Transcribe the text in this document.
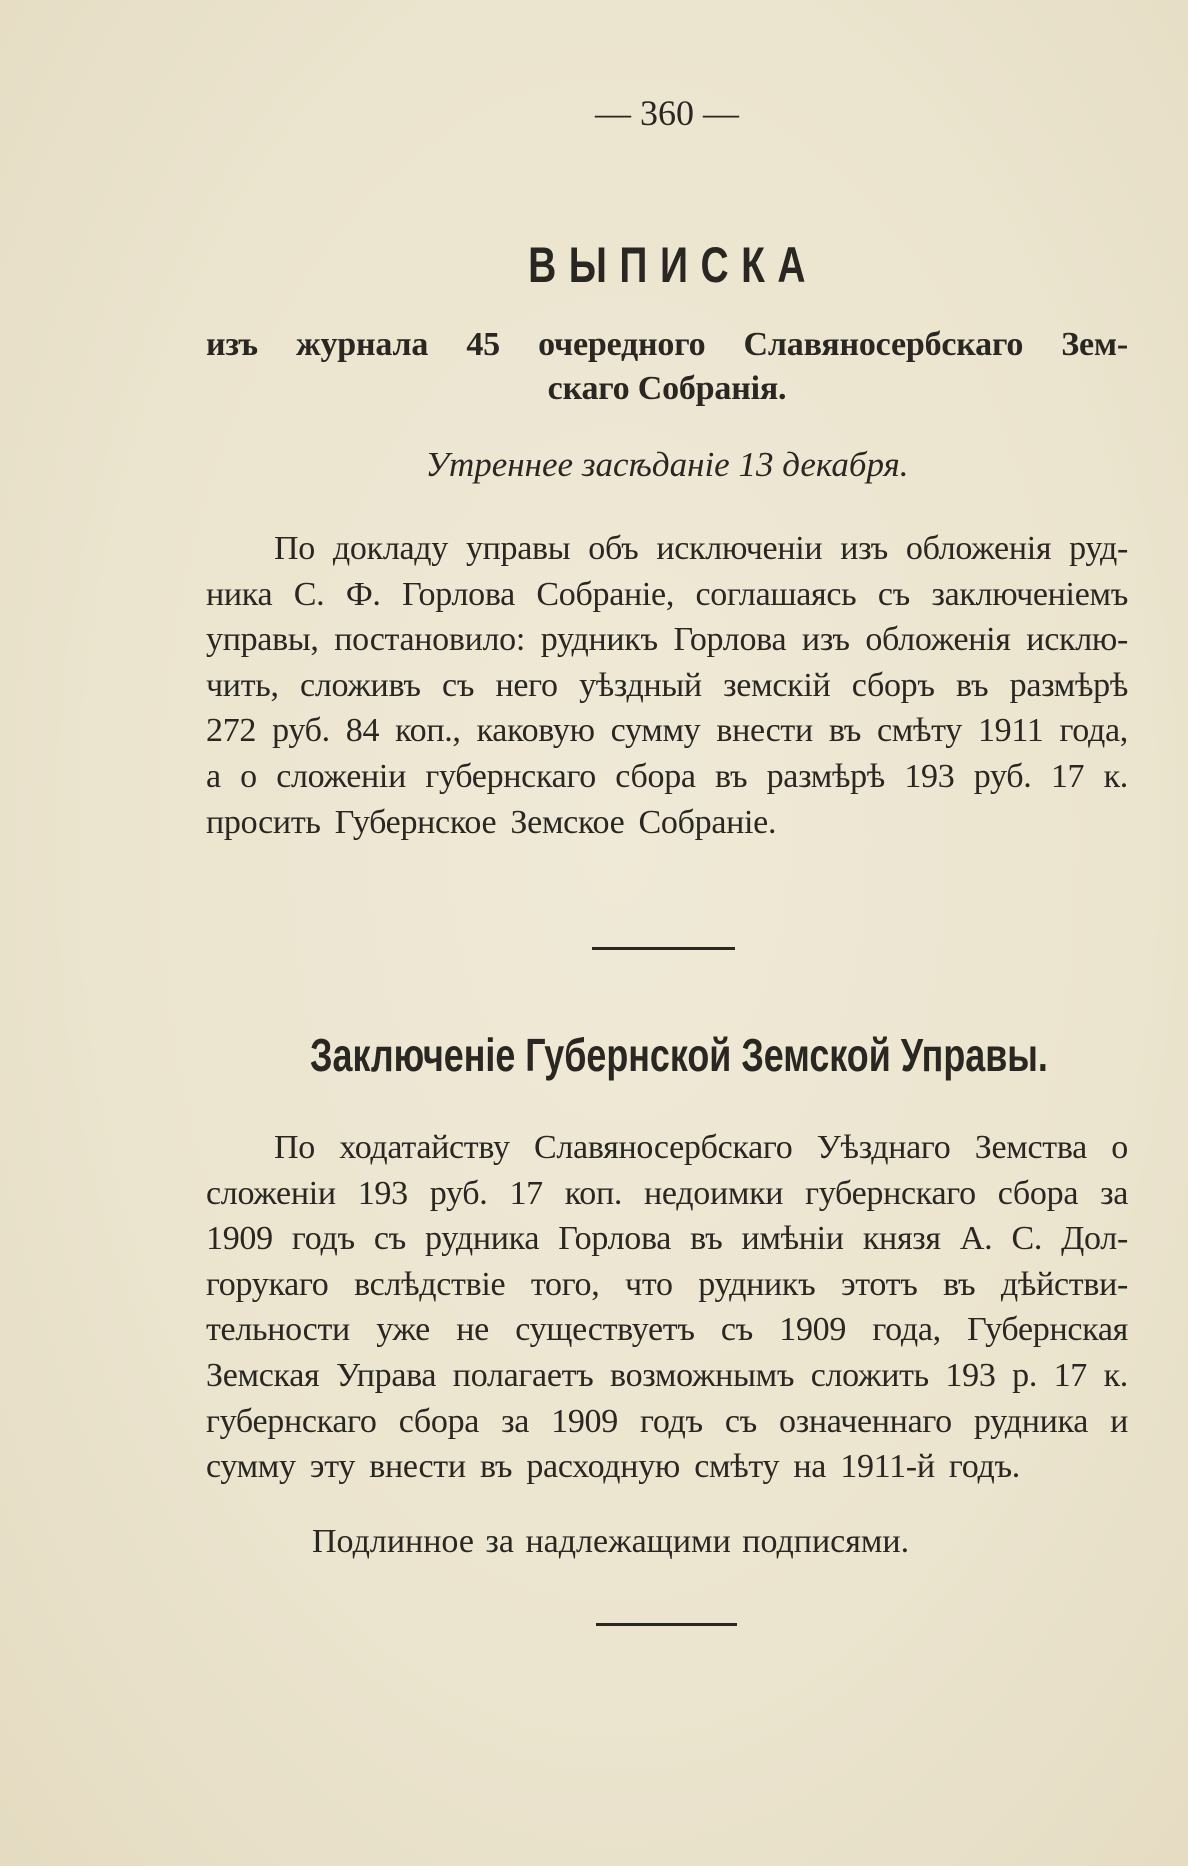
— 360 —
ВЫПИСКА
изъ журнала 45 очередного Славяносербскаго Зем-
скаго Собранія.
Утреннее засѣданіе 13 декабря.
По докладу управы объ исключеніи изъ обложенія руд-
ника С. Ф. Горлова Собраніе, соглашаясь съ заключеніемъ
управы, постановило: рудникъ Горлова изъ обложенія исклю-
чить, сложивъ съ него уѣздный земскій сборъ въ размѣрѣ
272 руб. 84 коп., каковую сумму внести въ смѣту 1911 года,
а о сложеніи губернскаго сбора въ размѣрѣ 193 руб. 17 к.
просить Губернское Земское Собраніе.
Заключеніе Губернской Земской Управы.
По ходатайству Славяносербскаго Уѣзднаго Земства о
сложеніи 193 руб. 17 коп. недоимки губернскаго сбора за
1909 годъ съ рудника Горлова въ имѣніи князя А. С. Дол-
горукаго вслѣдствіе того, что рудникъ этотъ въ дѣйстви-
тельности уже не существуетъ съ 1909 года, Губернская
Земская Управа полагаетъ возможнымъ сложить 193 р. 17 к.
губернскаго сбора за 1909 годъ съ означеннаго рудника и
сумму эту внести въ расходную смѣту на 1911-й годъ.
Подлинное за надлежащими подписями.
